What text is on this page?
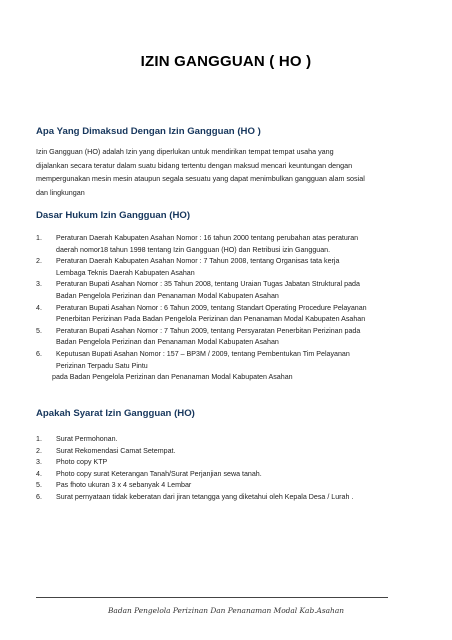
IZIN GANGGUAN ( HO )
Apa Yang Dimaksud Dengan Izin Gangguan (HO )
Izin Gangguan (HO) adalah Izin yang diperlukan untuk mendirikan tempat tempat usaha yang
dijalankan secara teratur dalam suatu bidang tertentu dengan maksud mencari keuntungan dengan
mempergunakan mesin mesin ataupun segala sesuatu yang dapat menimbulkan gangguan alam sosial
dan lingkungan
Dasar Hukum Izin Gangguan (HO)
1. Peraturan Daerah Kabupaten Asahan Nomor : 16 tahun 2000 tentang perubahan atas peraturan
daerah nomor18 tahun 1998 tentang Izin Gangguan (HO) dan Retribusi izin Gangguan.
2. Peraturan Daerah Kabupaten Asahan Nomor : 7 Tahun 2008, tentang Organisas tata kerja
Lembaga Teknis Daerah Kabupaten Asahan
3. Peraturan Bupati Asahan Nomor : 35 Tahun 2008, tentang Uraian Tugas Jabatan Struktural pada
Badan Pengelola Perizinan dan Penanaman Modal Kabupaten Asahan
4. Peraturan Bupati Asahan Nomor : 6 Tahun 2009, tentang Standart Operating Procedure Pelayanan
Penerbitan Perizinan Pada Badan Pengelola Perizinan dan Penanaman Modal Kabupaten Asahan
5. Peraturan Bupati Asahan Nomor : 7 Tahun 2009, tentang Persyaratan Penerbitan Perizinan pada
Badan Pengelola Perizinan dan Penanaman Modal Kabupaten Asahan
6. Keputusan Bupati Asahan Nomor : 157 – BP3M / 2009, tentang Pembentukan Tim Pelayanan
Perizinan Terpadu Satu Pintu
pada Badan Pengelola Perizinan dan Penanaman Modal Kabupaten Asahan
Apakah Syarat Izin Gangguan (HO)
1. Surat Permohonan.
2. Surat Rekomendasi Camat Setempat.
3. Photo copy KTP
4. Photo copy surat Keterangan Tanah/Surat Perjanjian sewa tanah.
5. Pas fhoto ukuran 3 x 4 sebanyak 4 Lembar
6. Surat pernyataan tidak keberatan dari jiran tetangga yang diketahui oleh Kepala Desa / Lurah .
Badan Pengelola Perizinan Dan Penanaman Modal Kab.Asahan
